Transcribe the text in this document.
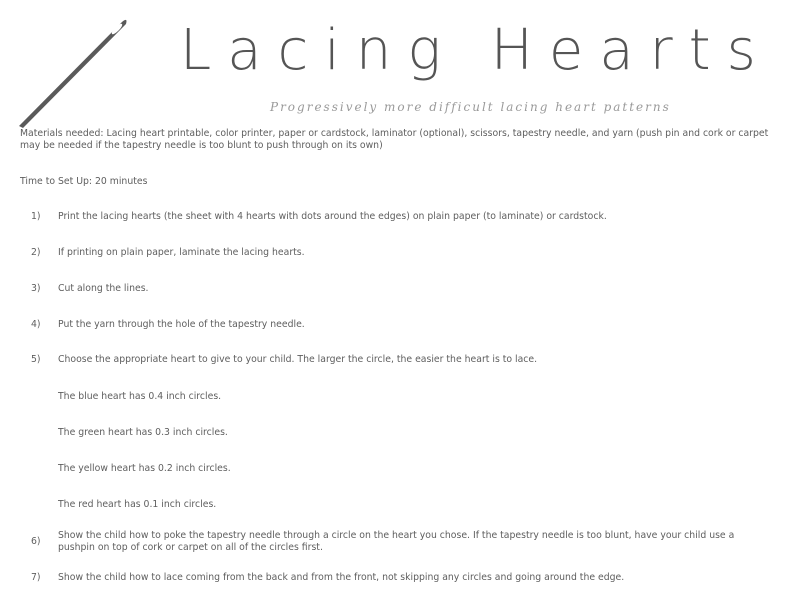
Lacing Hearts
Progressively more difficult lacing heart patterns
Materials needed: Lacing heart printable, color printer, paper or cardstock, laminator (optional), scissors, tapestry needle, and yarn (push pin and cork or carpet may be needed if the tapestry needle is too blunt to push through on its own)
Time to Set Up: 20 minutes
1) Print the lacing hearts (the sheet with 4 hearts with dots around the edges) on plain paper (to laminate) or cardstock.
2) If printing on plain paper, laminate the lacing hearts.
3) Cut along the lines.
4) Put the yarn through the hole of the tapestry needle.
5) Choose the appropriate heart to give to your child. The larger the circle, the easier the heart is to lace.
The blue heart has 0.4 inch circles.
The green heart has 0.3 inch circles.
The yellow heart has 0.2 inch circles.
The red heart has 0.1 inch circles.
6)
Show the child how to poke the tapestry needle through a circle on the heart you chose. If the tapestry needle is too blunt, have your child use a pushpin on top of cork or carpet on all of the circles first.
7) Show the child how to lace coming from the back and from the front, not skipping any circles and going around the edge.
